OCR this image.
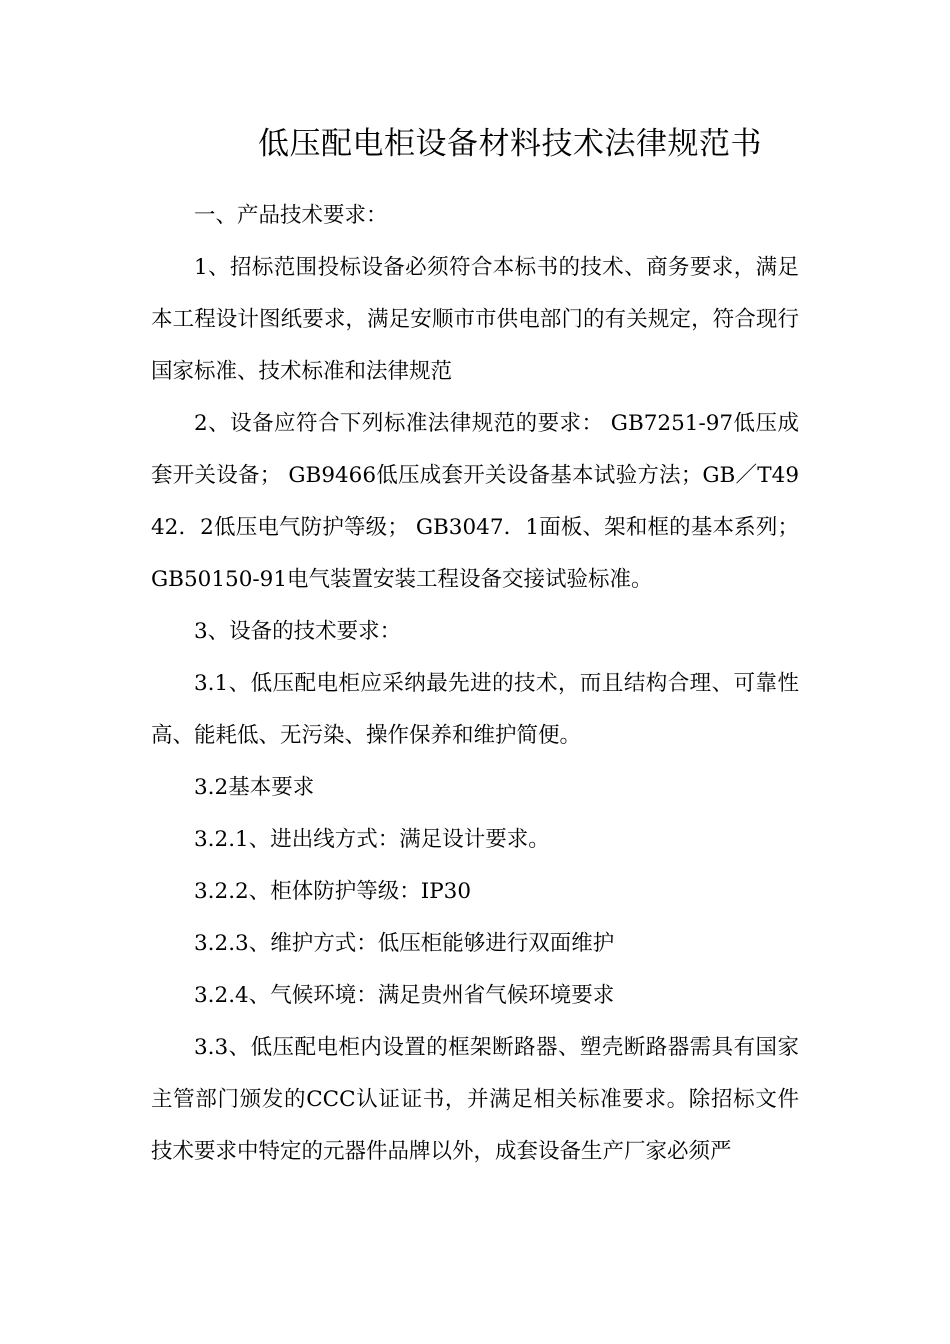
低压配电柜设备材料技术法律规范书

一、产品技术要求：

1、招标范围投标设备必须符合本标书的技术、商务要求，满足本工程设计图纸要求，满足安顺市市供电部门的有关规定，符合现行国家标准、技术标准和法律规范

2、设备应符合下列标准法律规范的要求： GB7251-97低压成套开关设备； GB9466低压成套开关设备基本试验方法；GB／T4942．2低压电气防护等级； GB3047．1面板、架和框的基本系列；GB50150-91电气装置安装工程设备交接试验标准。

3、设备的技术要求：

3.1、低压配电柜应采纳最先进的技术，而且结构合理、可靠性高、能耗低、无污染、操作保养和维护简便。

3.2基本要求

3.2.1、进出线方式：满足设计要求。

3.2.2、柜体防护等级：IP30

3.2.3、维护方式：低压柜能够进行双面维护

3.2.4、气候环境：满足贵州省气候环境要求

3.3、低压配电柜内设置的框架断路器、塑壳断路器需具有国家主管部门颁发的CCC认证证书，并满足相关标准要求。除招标文件技术要求中特定的元器件品牌以外，成套设备生产厂家必须严
